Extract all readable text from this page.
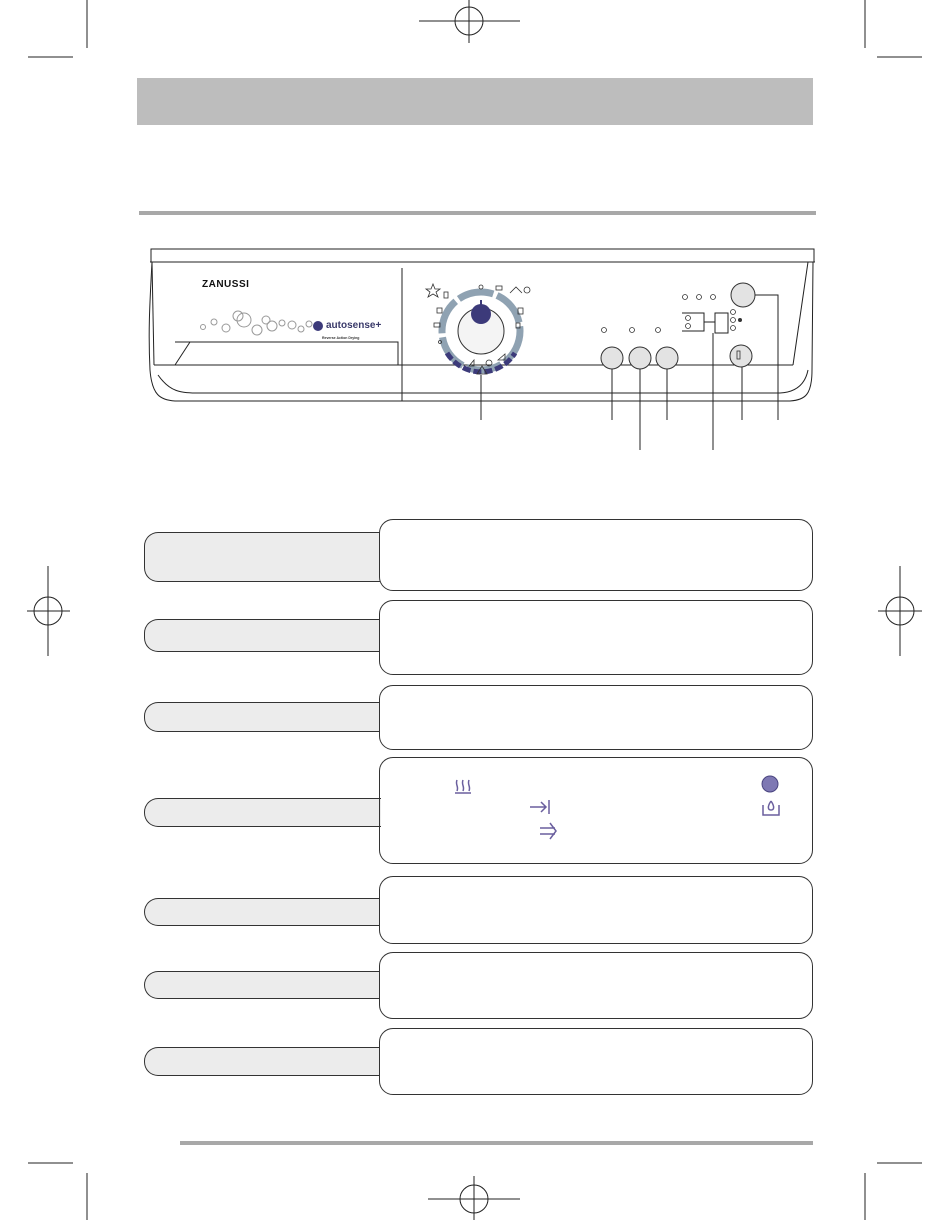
ZANUSSI
autosense+
Reverse Action Drying
